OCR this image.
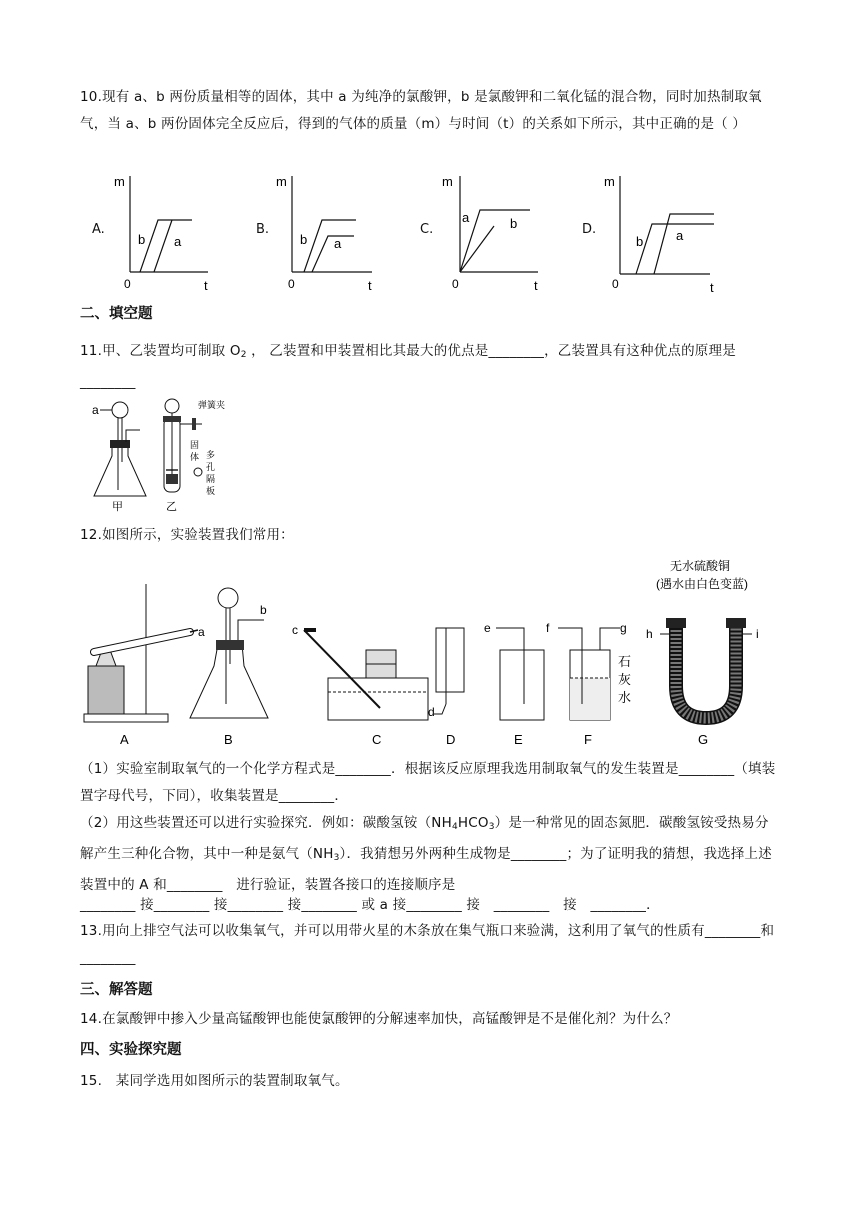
10.现有 a、b 两份质量相等的固体，其中 a 为纯净的氯酸钾，b 是氯酸钾和二氧化锰的混合物，同时加热制取氧气，当 a、b 两份固体完全反应后，得到的气体的质量（m）与时间（t）的关系如下所示，其中正确的是（ ）
A.
m
t
0
b a
B.
m
t
0
b a
C.
m
t
0
a	b	D.
m
t
0
b	a
二、填空题
11.甲、乙装置均可制取 $O_2$ ， 乙装置和甲装置相比其最大的优点是________，乙装置具有这种优点的原理是________
a
甲
弹簧夹
固
体 多
孔
隔
板
乙
12.如图所示，实验装置我们常用：
a
A
b
B
c
d
C	D
e
E
f	g
石
灰
水
F
无水硫酸铜
(遇水由白色变蓝)
h	i
G
（1）实验室制取氧气的一个化学方程式是________．根据该反应原理我选用制取氧气的发生装置是________（填装置字母代号，下同），收集装置是________．
（2）用这些装置还可以进行实验探究．例如：碳酸氢铵$(NH_4HCO_3)$是一种常见的固态氮肥．碳酸氢铵受热易分解产生三种化合物，其中一种是氨气$(NH_3)$．我猜想另外两种生成物是________；为了证明我的猜想，我选择上述装置中的 A 和________　进行验证，装置各接口的连接顺序是
________ 接________ 接________ 接________ 或 a 接________ 接　________　接　________．
13.用向上排空气法可以收集氧气，并可以用带火星的木条放在集气瓶口来验满，这利用了氧气的性质有________和________
三、解答题
14.在氯酸钾中掺入少量高锰酸钾也能使氯酸钾的分解速率加快，高锰酸钾是不是催化剂？为什么？
四、实验探究题
15.　某同学选用如图所示的装置制取氧气。
